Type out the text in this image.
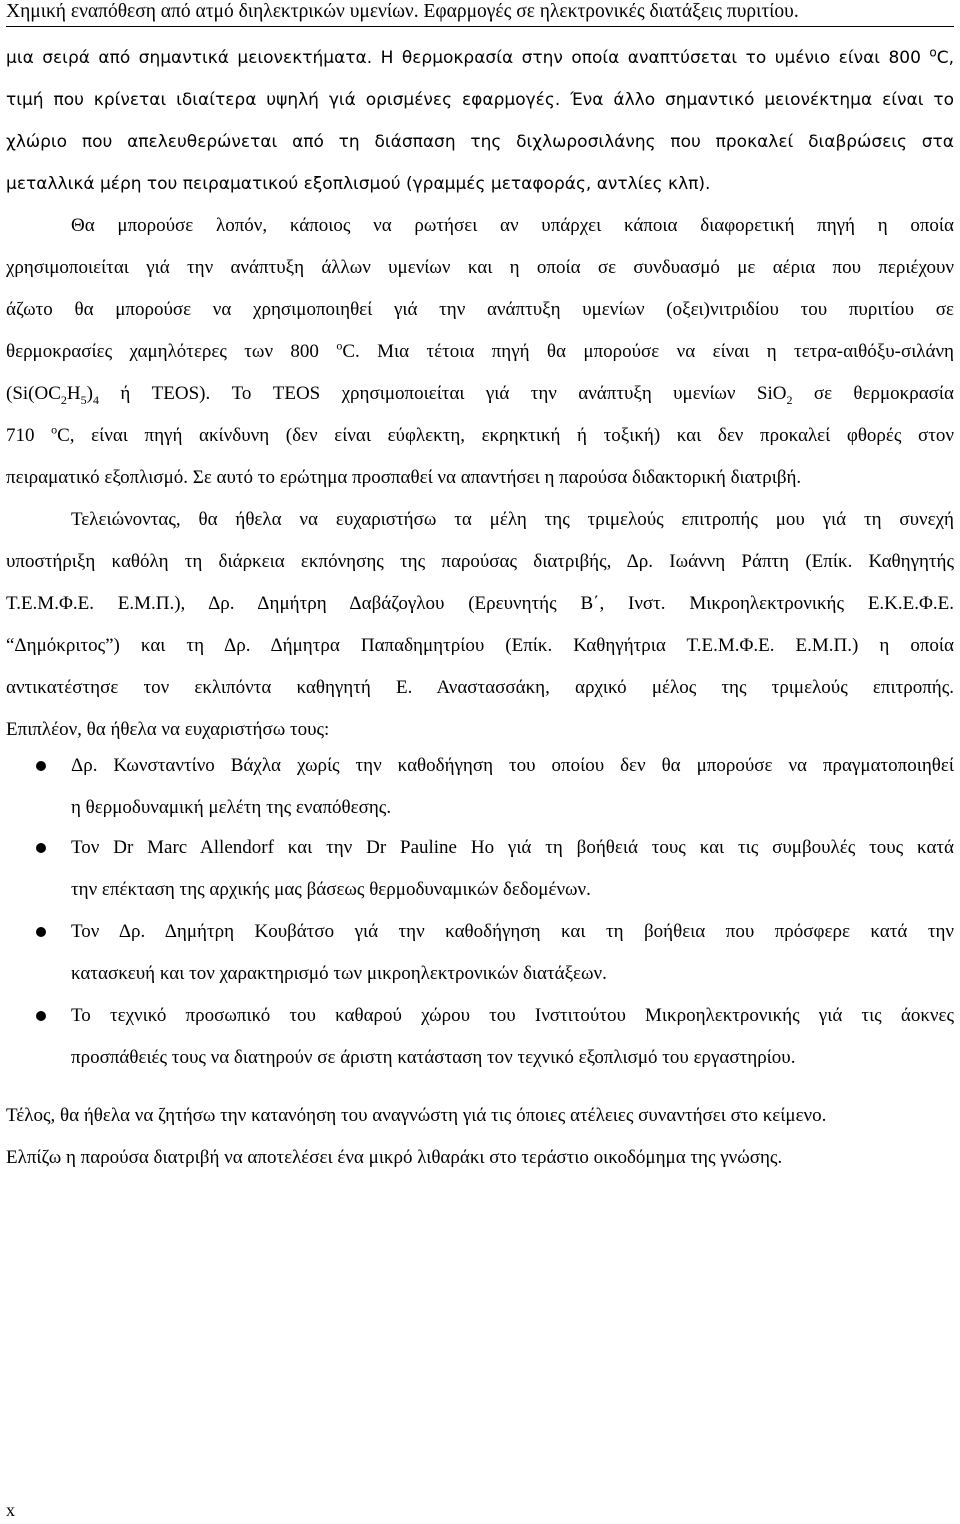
Χημική εναπόθεση από ατμό διηλεκτρικών υμενίων. Εφαρμογές σε ηλεκτρονικές διατάξεις πυριτίου.
μια σειρά από σημαντικά μειονεκτήματα. Η θερμοκρασία στην οποία αναπτύσεται το υμένιο είναι 800 $^o$C,
τιμή που κρίνεται ιδιαίτερα υψηλή γιά ορισμένες εφαρμογές. Ένα άλλο σημαντικό μειονέκτημα είναι το
χλώριο που απελευθερώνεται από τη διάσπαση της διχλωροσιλάνης που προκαλεί διαβρώσεις στα
μεταλλικά μέρη του πειραματικού εξοπλισμού (γραμμές μεταφοράς, αντλίες κλπ).
Θα μπορούσε λοπόν, κάποιος να ρωτήσει αν υπάρχει κάποια διαφορετική πηγή η οποία
χρησιμοποιείται γιά την ανάπτυξη άλλων υμενίων και η οποία σε συνδυασμό με αέρια που περιέχουν
άζωτο θα μπορούσε να χρησιμοποιηθεί γιά την ανάπτυξη υμενίων (οξει)νιτριδίου του πυριτίου σε
θερμοκρασίες χαμηλότερες των 800 $^o$C. Μια τέτοια πηγή θα μπορούσε να είναι η τετρα-αιθόξυ-σιλάνη
($Si(OC_2H_5)_4$ ή TEOS). Το TEOS χρησιμοποιείται γιά την ανάπτυξη υμενίων SiO$_2$ σε θερμοκρασία
710 $^o$C, είναι πηγή ακίνδυνη (δεν είναι εύφλεκτη, εκρηκτική ή τοξική) και δεν προκαλεί φθορές στον
πειραματικό εξοπλισμό. Σε αυτό το ερώτημα προσπαθεί να απαντήσει η παρούσα διδακτορική διατριβή.
Τελειώνοντας, θα ήθελα να ευχαριστήσω τα μέλη της τριμελούς επιτροπής μου γιά τη συνεχή
υποστήριξη καθόλη τη διάρκεια εκπόνησης της παρούσας διατριβής, Δρ. Ιωάννη Ράπτη (Επίκ. Καθηγητής
Τ.Ε.Μ.Φ.Ε. Ε.Μ.Π.), Δρ. Δημήτρη Δαβάζογλου (Ερευνητής Β΄, Ινστ. Μικροηλεκτρονικής Ε.Κ.Ε.Φ.Ε.
“Δημόκριτος”) και τη Δρ. Δήμητρα Παπαδημητρίου (Επίκ. Καθηγήτρια Τ.Ε.Μ.Φ.Ε. Ε.Μ.Π.) η οποία
αντικατέστησε τον εκλιπόντα καθηγητή Ε. Αναστασσάκη, αρχικό μέλος της τριμελούς επιτροπής.
Επιπλέον, θα ήθελα να ευχαριστήσω τους:
Δρ. Κωνσταντίνο Βάχλα χωρίς την καθοδήγηση του οποίου δεν θα μπορούσε να πραγματοποιηθεί
η θερμοδυναμική μελέτη της εναπόθεσης.
Τον Dr Marc Allendorf και την Dr Pauline Ho γιά τη βοήθειά τους και τις συμβουλές τους κατά
την επέκταση της αρχικής μας βάσεως θερμοδυναμικών δεδομένων.
Τον Δρ. Δημήτρη Κουβάτσο γιά την καθοδήγηση και τη βοήθεια που πρόσφερε κατά την
κατασκευή και τον χαρακτηρισμό των μικροηλεκτρονικών διατάξεων.
Το τεχνικό προσωπικό του καθαρού χώρου του Ινστιτούτου Μικροηλεκτρονικής γιά τις άοκνες
προσπάθειές τους να διατηρούν σε άριστη κατάσταση τον τεχνικό εξοπλισμό του εργαστηρίου.
Τέλος, θα ήθελα να ζητήσω την κατανόηση του αναγνώστη γιά τις όποιες ατέλειες συναντήσει στο κείμενο.
Ελπίζω η παρούσα διατριβή να αποτελέσει ένα μικρό λιθαράκι στο τεράστιο οικοδόμημα της γνώσης.
x
